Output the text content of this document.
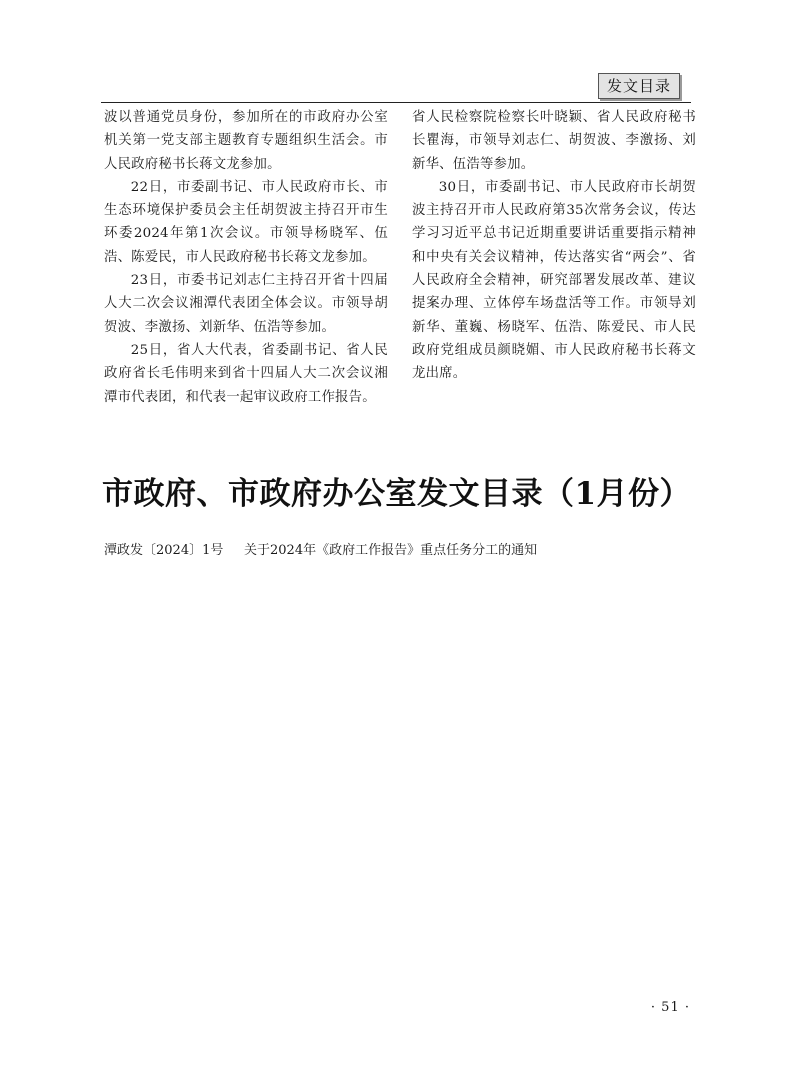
发文目录

波以普通党员身份，参加所在的市政府办公室机关第一党支部主题教育专题组织生活会。市人民政府秘书长蒋文龙参加。

22日，市委副书记、市人民政府市长、市生态环境保护委员会主任胡贺波主持召开市生环委2024年第1次会议。市领导杨晓军、伍浩、陈爱民，市人民政府秘书长蒋文龙参加。

23日，市委书记刘志仁主持召开省十四届人大二次会议湘潭代表团全体会议。市领导胡贺波、李激扬、刘新华、伍浩等参加。

25日，省人大代表，省委副书记、省人民政府省长毛伟明来到省十四届人大二次会议湘潭市代表团，和代表一起审议政府工作报告。

省人民检察院检察长叶晓颖、省人民政府秘书长瞿海，市领导刘志仁、胡贺波、李激扬、刘新华、伍浩等参加。

30日，市委副书记、市人民政府市长胡贺波主持召开市人民政府第35次常务会议，传达学习习近平总书记近期重要讲话重要指示精神和中央有关会议精神，传达落实省“两会”、省人民政府全会精神，研究部署发展改革、建议提案办理、立体停车场盘活等工作。市领导刘新华、董巍、杨晓军、伍浩、陈爱民、市人民政府党组成员颜晓媚、市人民政府秘书长蒋文龙出席。

市政府、市政府办公室发文目录（1月份）
潭政发〔2024〕1号	关于2024年《政府工作报告》重点任务分工的通知
· 51 ·
